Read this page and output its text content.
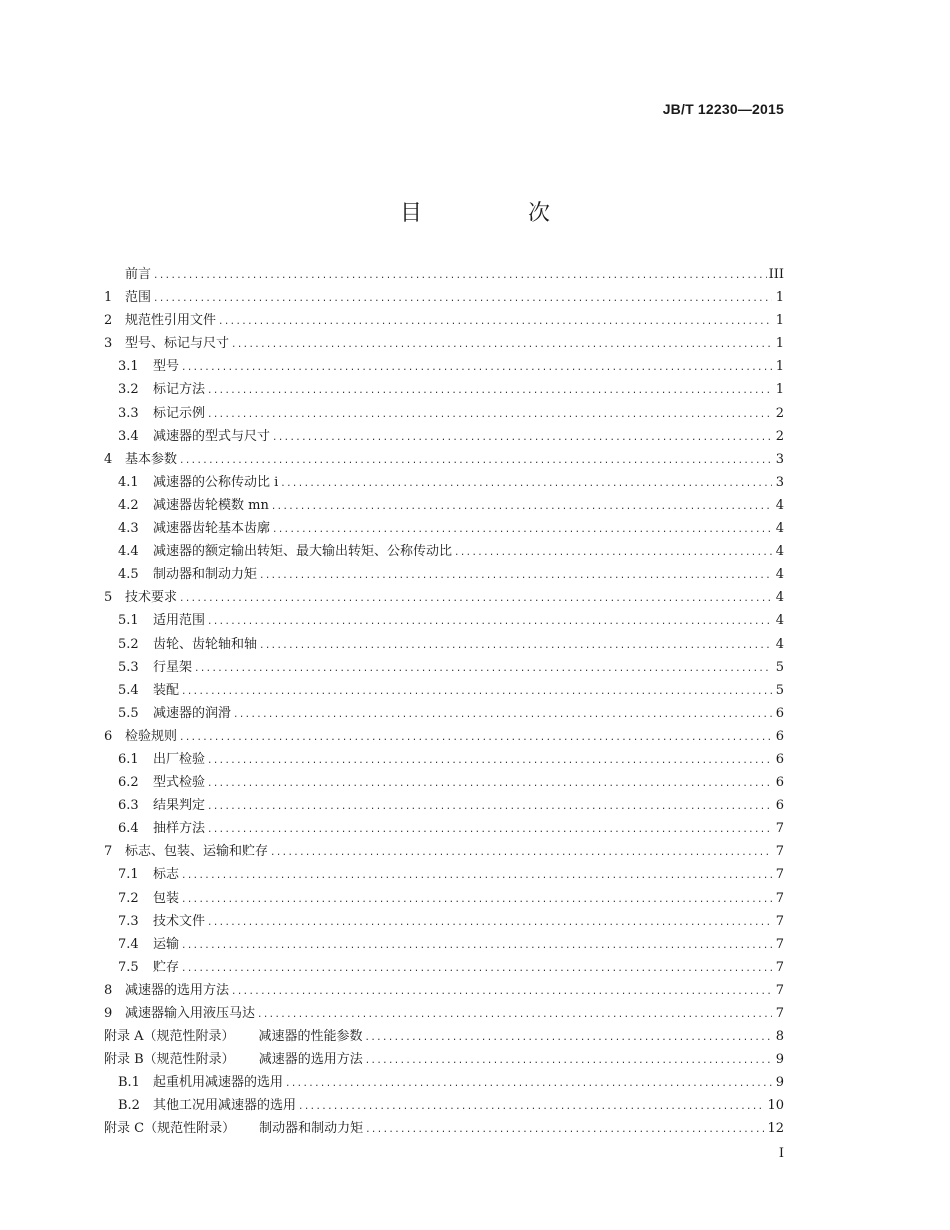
JB/T 12230—2015
目　次
前言 .....	III
1 范围 .....	1
2 规范性引用文件 .....	1
3 型号、标记与尺寸 .....	1
3.1	型号 .....	1
3.2	标记方法 .....	1
3.3	标记示例 .....	2
3.4	减速器的型式与尺寸 .....	2
4 基本参数 .....	3
4.1	减速器的公称传动比 i .....	3
4.2	减速器齿轮模数 mn .....	4
4.3	减速器齿轮基本齿廓 .....	4
4.4	减速器的额定输出转矩、最大输出转矩、公称传动比 .....	4
4.5	制动器和制动力矩 .....	4
5 技术要求 .....	4
5.1	适用范围 .....	4
5.2	齿轮、齿轮轴和轴 .....	4
5.3	行星架 .....	5
5.4	装配 .....	5
5.5	减速器的润滑 .....	6
6 检验规则 .....	6
6.1	出厂检验 .....	6
6.2	型式检验 .....	6
6.3	结果判定 .....	6
6.4	抽样方法 .....	7
7 标志、包装、运输和贮存 .....	7
7.1	标志 .....	7
7.2	包装 .....	7
7.3	技术文件 .....	7
7.4	运输 .....	7
7.5	贮存 .....	7
8 减速器的选用方法 .....	7
9 减速器输入用液压马达 .....	7
附录 A（规范性附录） 减速器的性能参数 .....	8
附录 B（规范性附录） 减速器的选用方法 .....	9
B.1	起重机用减速器的选用 .....	9
B.2	其他工况用减速器的选用 .....	10
附录 C（规范性附录） 制动器和制动力矩 .....	12
I
